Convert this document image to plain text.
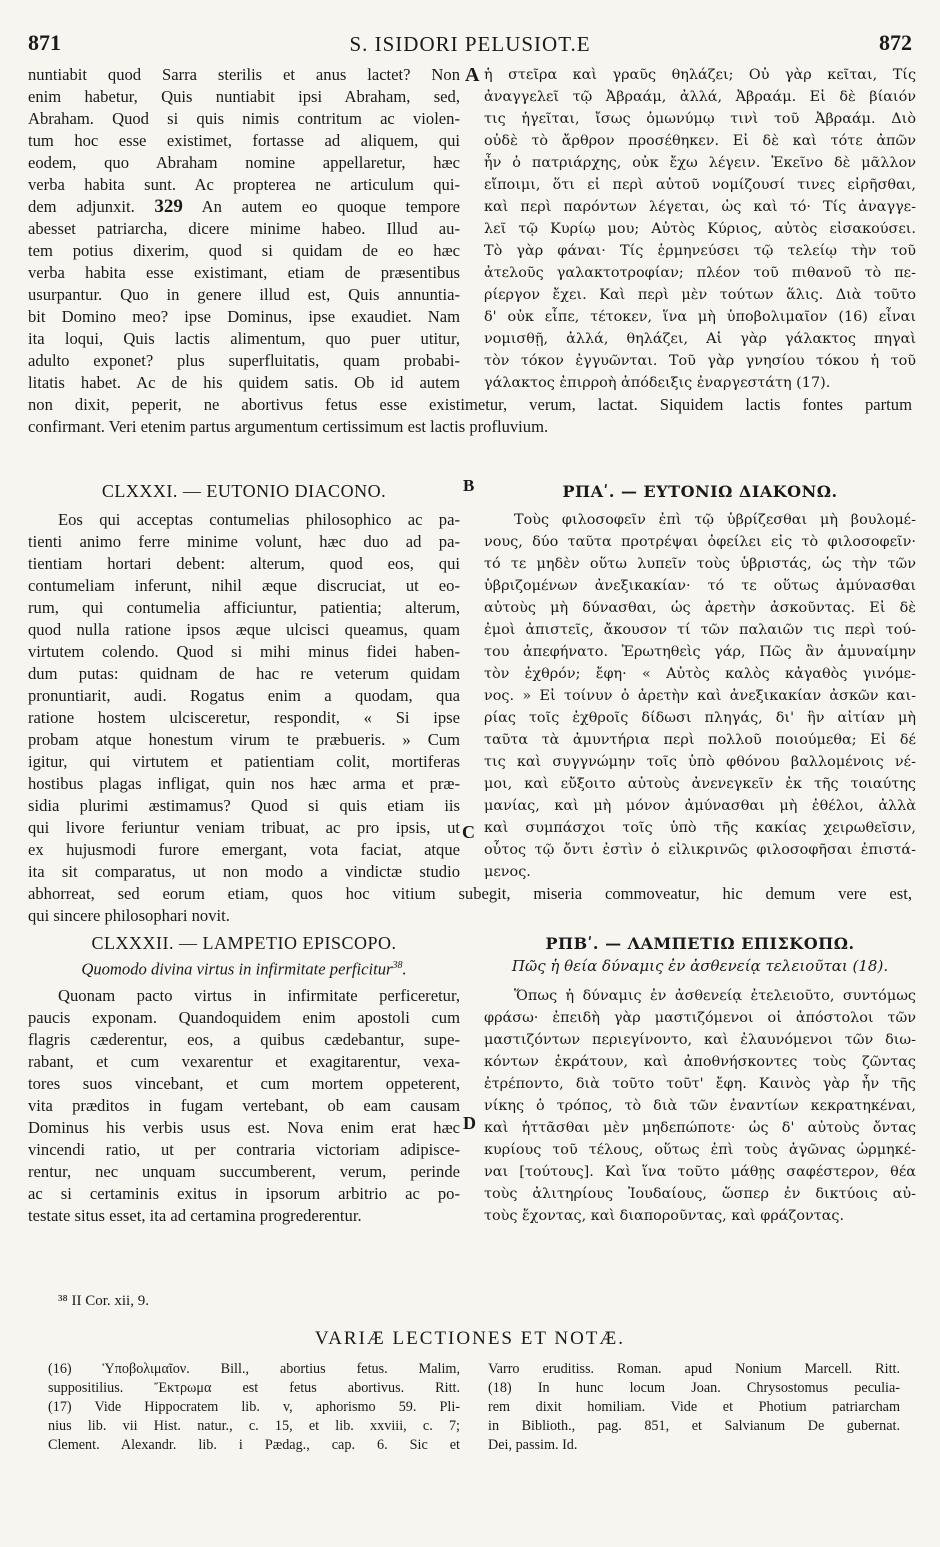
871	S. ISIDORI PELUSIOT.E	872
nuntiabit quod Sarra sterilis et anus lactet? Non
enim habetur, Quis nuntiabit ipsi Abraham, sed,
Abraham. Quod si quis nimis contritum ac violen-
tum hoc esse existimet, fortasse ad aliquem, qui
eodem, quo Abraham nomine appellaretur, hæc
verba habita sunt. Ac propterea ne articulum qui-
dem adjunxit. 329 An autem eo quoque tempore
abesset patriarcha, dicere minime habeo. Illud au-
tem potius dixerim, quod si quidam de eo hæc
verba habita esse existimant, etiam de præsentibus
usurpantur. Quo in genere illud est, Quis annuntia-
bit Domino meo? ipse Dominus, ipse exaudiet. Nam
ita loqui, Quis lactis alimentum, quo puer utitur,
adulto exponet? plus superfluitatis, quam probabi-
litatis habet. Ac de his quidem satis. Ob id autem
A ἡ στεῖρα καὶ γραῦς θηλάζει; Οὐ γὰρ κεῖται, Τίς
ἀναγγελεῖ τῷ Ἀβραάμ, ἀλλά, Ἀβραάμ. Εἰ δὲ βίαιόν
τις ἡγεῖται, ἴσως ὁμωνύμῳ τινὶ τοῦ Ἀβραάμ. Διὸ
οὐδὲ τὸ ἄρθρον προσέθηκεν. Εἰ δὲ καὶ τότε ἀπῶν
ἦν ὁ πατριάρχης, οὐκ ἔχω λέγειν. Ἐκεῖνο δὲ μᾶλλον
εἴποιμι, ὅτι εἰ περὶ αὐτοῦ νομίζουσί τινες εἰρῆσθαι,
καὶ περὶ παρόντων λέγεται, ὡς καὶ τό· Τίς ἀναγγε-
λεῖ τῷ Κυρίῳ μου; Αὐτὸς Κύριος, αὐτὸς εἰσακούσει.
Τὸ γὰρ φάναι· Τίς ἑρμηνεύσει τῷ τελείῳ τὴν τοῦ
ἀτελοῦς γαλακτοτροφίαν; πλέον τοῦ πιθανοῦ τὸ πε-
ρίεργον ἔχει. Καὶ περὶ μὲν τούτων ἅλις. Διὰ τοῦτο
δ' οὐκ εἶπε, τέτοκεν, ἵνα μὴ ὑποβολιμαῖον (16) εἶναι
νομισθῇ, ἀλλά, θηλάζει, Αἱ γὰρ γάλακτος πηγαὶ
τὸν τόκον ἐγγυῶνται. Τοῦ γὰρ γνησίου τόκου ἡ τοῦ
γάλακτος ἐπιρροὴ ἀπόδειξις ἐναργεστάτη (17).
non dixit, peperit, ne abortivus fetus esse existimetur, verum, lactat. Siquidem lactis fontes partum
confirmant. Veri etenim partus argumentum certissimum est lactis profluvium.
CLXXXI. — EUTONIO DIACONO.	B	ΡΠΑʹ. — ΕΥΤΟΝΙΩ ΔΙΑΚΟΝΩ.
Eos qui acceptas contumelias philosophico ac pa-
tienti animo ferre minime volunt, hæc duo ad pa-
tientiam hortari debent: alterum, quod eos, qui
contumeliam inferunt, nihil æque discruciat, ut eo-
rum, qui contumelia afficiuntur, patientia; alterum,
quod nulla ratione ipsos æque ulcisci queamus, quam
virtutem colendo. Quod si mihi minus fidei haben-
dum putas: quidnam de hac re veterum quidam
pronuntiarit, audi. Rogatus enim a quodam, qua
ratione hostem ulcisceretur, respondit, « Si ipse
probam atque honestum virum te præbueris. » Cum
igitur, qui virtutem et patientiam colit, mortiferas
hostibus plagas infligat, quin nos hæc arma et præ-
sidia plurimi æstimamus? Quod si quis etiam iis
qui livore feriuntur veniam tribuat, ac pro ipsis, ut
ex hujusmodi furore emergant, vota faciat, atque
ita sit comparatus, ut non modo a vindictæ studio
C
Τοὺς φιλοσοφεῖν ἐπὶ τῷ ὑβρίζεσθαι μὴ βουλομέ-
νους, δύο ταῦτα προτρέψαι ὀφείλει εἰς τὸ φιλοσοφεῖν·
τό τε μηδὲν οὕτω λυπεῖν τοὺς ὑβριστάς, ὡς τὴν τῶν
ὑβριζομένων ἀνεξικακίαν· τό τε οὕτως ἀμύνασθαι
αὐτοὺς μὴ δύνασθαι, ὡς ἀρετὴν ἀσκοῦντας. Εἰ δὲ
ἐμοὶ ἀπιστεῖς, ἄκουσον τί τῶν παλαιῶν τις περὶ τού-
του ἀπεφήνατο. Ἐρωτηθεὶς γάρ, Πῶς ἂν ἀμυναίμην
τὸν ἐχθρόν; ἔφη· « Αὐτὸς καλὸς κἀγαθὸς γινόμε-
νος. » Εἰ τοίνυν ὁ ἀρετὴν καὶ ἀνεξικακίαν ἀσκῶν και-
ρίας τοῖς ἐχθροῖς δίδωσι πληγάς, δι' ἣν αἰτίαν μὴ
ταῦτα τὰ ἀμυντήρια περὶ πολλοῦ ποιούμεθα; Εἰ δέ
τις καὶ συγγνώμην τοῖς ὑπὸ φθόνου βαλλομένοις νέ-
μοι, καὶ εὔξοιτο αὐτοὺς ἀνενεγκεῖν ἐκ τῆς τοιαύτης
μανίας, καὶ μὴ μόνον ἀμύνασθαι μὴ ἐθέλοι, ἀλλὰ
καὶ συμπάσχοι τοῖς ὑπὸ τῆς κακίας χειρωθεῖσιν,
οὗτος τῷ ὄντι ἐστὶν ὁ εἰλικρινῶς φιλοσοφῆσαι ἐπιστά-
μενος.
abhorreat, sed eorum etiam, quos hoc vitium subegit, miseria commoveatur, hic demum vere est,
qui sincere philosophari novit.
CLXXXII. — LAMPETIO EPISCOPO.
Quomodo divina virtus in infirmitate perficitur$^{38}$.
ΡΠΒʹ. — ΛΑΜΠΕΤΙΩ ΕΠΙΣΚΟΠΩ.
Πῶς ἡ θεία δύναμις ἐν ἀσθενείᾳ τελειοῦται (18).
Quonam pacto virtus in infirmitate perficeretur,
paucis exponam. Quandoquidem enim apostoli cum
flagris cæderentur, eos, a quibus cædebantur, supe-
rabant, et cum vexarentur et exagitarentur, vexa-
tores suos vincebant, et cum mortem oppeterent,
vita præditos in fugam vertebant, ob eam causam
Dominus his verbis usus est. Nova enim erat hæc
vincendi ratio, ut per contraria victoriam adipisce-
rentur, nec unquam succumberent, verum, perinde
ac si certaminis exitus in ipsorum arbitrio ac po-
testate situs esset, ita ad certamina progrederentur.
D
Ὅπως ἡ δύναμις ἐν ἀσθενείᾳ ἐτελειοῦτο, συντόμως
φράσω· ἐπειδὴ γὰρ μαστιζόμενοι οἱ ἀπόστολοι τῶν
μαστιζόντων περιεγίνοντο, καὶ ἐλαυνόμενοι τῶν διω-
κόντων ἐκράτουν, καὶ ἀποθνήσκοντες τοὺς ζῶντας
ἐτρέποντο, διὰ τοῦτο τοῦτ' ἔφη. Καινὸς γὰρ ἦν τῆς
νίκης ὁ τρόπος, τὸ διὰ τῶν ἐναντίων κεκρατηκέναι,
καὶ ἡττᾶσθαι μὲν μηδεπώποτε· ὡς δ' αὐτοὺς ὄντας
κυρίους τοῦ τέλους, οὕτως ἐπὶ τοὺς ἀγῶνας ὡρμηκέ-
ναι [τούτους]. Καὶ ἵνα τοῦτο μάθῃς σαφέστερον, θέα
τοὺς ἀλιτηρίους Ἰουδαίους, ὥσπερ ἐν δικτύοις αὐ-
τοὺς ἔχοντας, καὶ διαποροῦντας, καὶ φράζοντας.
³⁸ II Cor. xii, 9.
VARIÆ LECTIONES ET NOTÆ.
(16) Ὑποβολιμαῖον. Bill., abortius fetus. Malim,
suppositilius. Ἔκτρωμα est fetus abortivus. Ritt.
(17) Vide Hippocratem lib. v, aphorismo 59. Pli-
nius lib. vii Hist. natur., c. 15, et lib. xxviii, c. 7;
Clement. Alexandr. lib. i Pædag., cap. 6. Sic et
Varro eruditiss. Roman. apud Nonium Marcell. Ritt.
(18) In hunc locum Joan. Chrysostomus peculia-
rem dixit homiliam. Vide et Photium patriarcham
in Biblioth., pag. 851, et Salvianum De gubernat.
Dei, passim. Id.
